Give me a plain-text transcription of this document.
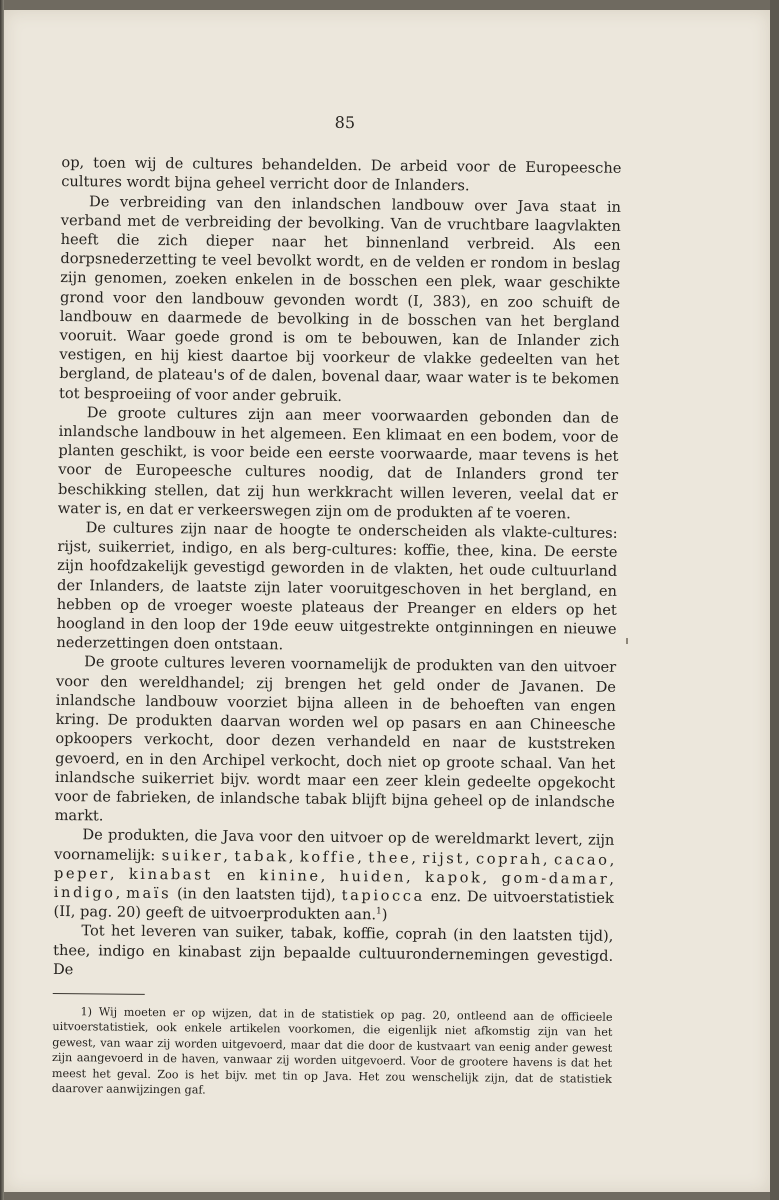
85

op, toen wij de cultures behandelden. De arbeid voor de Europeesche cultures wordt bijna geheel verricht door de Inlanders.

De verbreiding van den inlandschen landbouw over Java staat in verband met de verbreiding der bevolking. Van de vruchtbare laagvlakten heeft die zich dieper naar het binnenland verbreid. Als een dorpsnederzetting te veel bevolkt wordt, en de velden er rondom in beslag zijn genomen, zoeken enkelen in de bosschen een plek, waar geschikte grond voor den landbouw gevonden wordt (I, 383), en zoo schuift de landbouw en daarmede de bevolking in de bosschen van het bergland vooruit. Waar goede grond is om te bebouwen, kan de Inlander zich vestigen, en hij kiest daartoe bij voorkeur de vlakke gedeelten van het bergland, de plateau's of de dalen, bovenal daar, waar water is te bekomen tot besproeiing of voor ander gebruik.

De groote cultures zijn aan meer voorwaarden gebonden dan de inlandsche landbouw in het algemeen. Een klimaat en een bodem, voor de planten geschikt, is voor beide een eerste voorwaarde, maar tevens is het voor de Europeesche cultures noodig, dat de Inlanders grond ter beschikking stellen, dat zij hun werkkracht willen leveren, veelal dat er water is, en dat er verkeerswegen zijn om de produkten af te voeren.

De cultures zijn naar de hoogte te onderscheiden als vlakte-cultures: rijst, suikerriet, indigo, en als berg-cultures: koffie, thee, kina. De eerste zijn hoofdzakelijk gevestigd geworden in de vlakten, het oude cultuurland der Inlanders, de laatste zijn later vooruitgeschoven in het bergland, en hebben op de vroeger woeste plateaus der Preanger en elders op het hoogland in den loop der 19de eeuw uitgestrekte ontginningen en nieuwe nederzettingen doen ontstaan.

De groote cultures leveren voornamelijk de produkten van den uitvoer voor den wereldhandel; zij brengen het geld onder de Javanen. De inlandsche landbouw voorziet bijna alleen in de behoeften van engen kring. De produkten daarvan worden wel op pasars en aan Chineesche opkoopers verkocht, door dezen verhandeld en naar de kuststreken gevoerd, en in den Archipel verkocht, doch niet op groote schaal. Van het inlandsche suikerriet bijv. wordt maar een zeer klein gedeelte opgekocht voor de fabrieken, de inlandsche tabak blijft bijna geheel op de inlandsche markt.

De produkten, die Java voor den uitvoer op de wereldmarkt levert, zijn voornamelijk: suiker, tabak, koffie, thee, rijst, coprah, cacao, peper, kinabast en kinine, huiden, kapok, gom-damar, indigo, maïs (in den laatsten tijd), tapiocca enz. De uitvoerstatistiek (II, pag. 20) geeft de uitvoerprodukten aan.$^1$)

Tot het leveren van suiker, tabak, koffie, coprah (in den laatsten tijd), thee, indigo en kinabast zijn bepaalde cultuurondernemingen gevestigd. De

1) Wij moeten er op wijzen, dat in de statistiek op pag. 20, ontleend aan de officieele uitvoerstatistiek, ook enkele artikelen voorkomen, die eigenlijk niet afkomstig zijn van het gewest, van waar zij worden uitgevoerd, maar dat die door de kustvaart van eenig ander gewest zijn aangevoerd in de haven, vanwaar zij worden uitgevoerd. Voor de grootere havens is dat het meest het geval. Zoo is het bijv. met tin op Java. Het zou wenschelijk zijn, dat de statistiek daarover aanwijzingen gaf.
